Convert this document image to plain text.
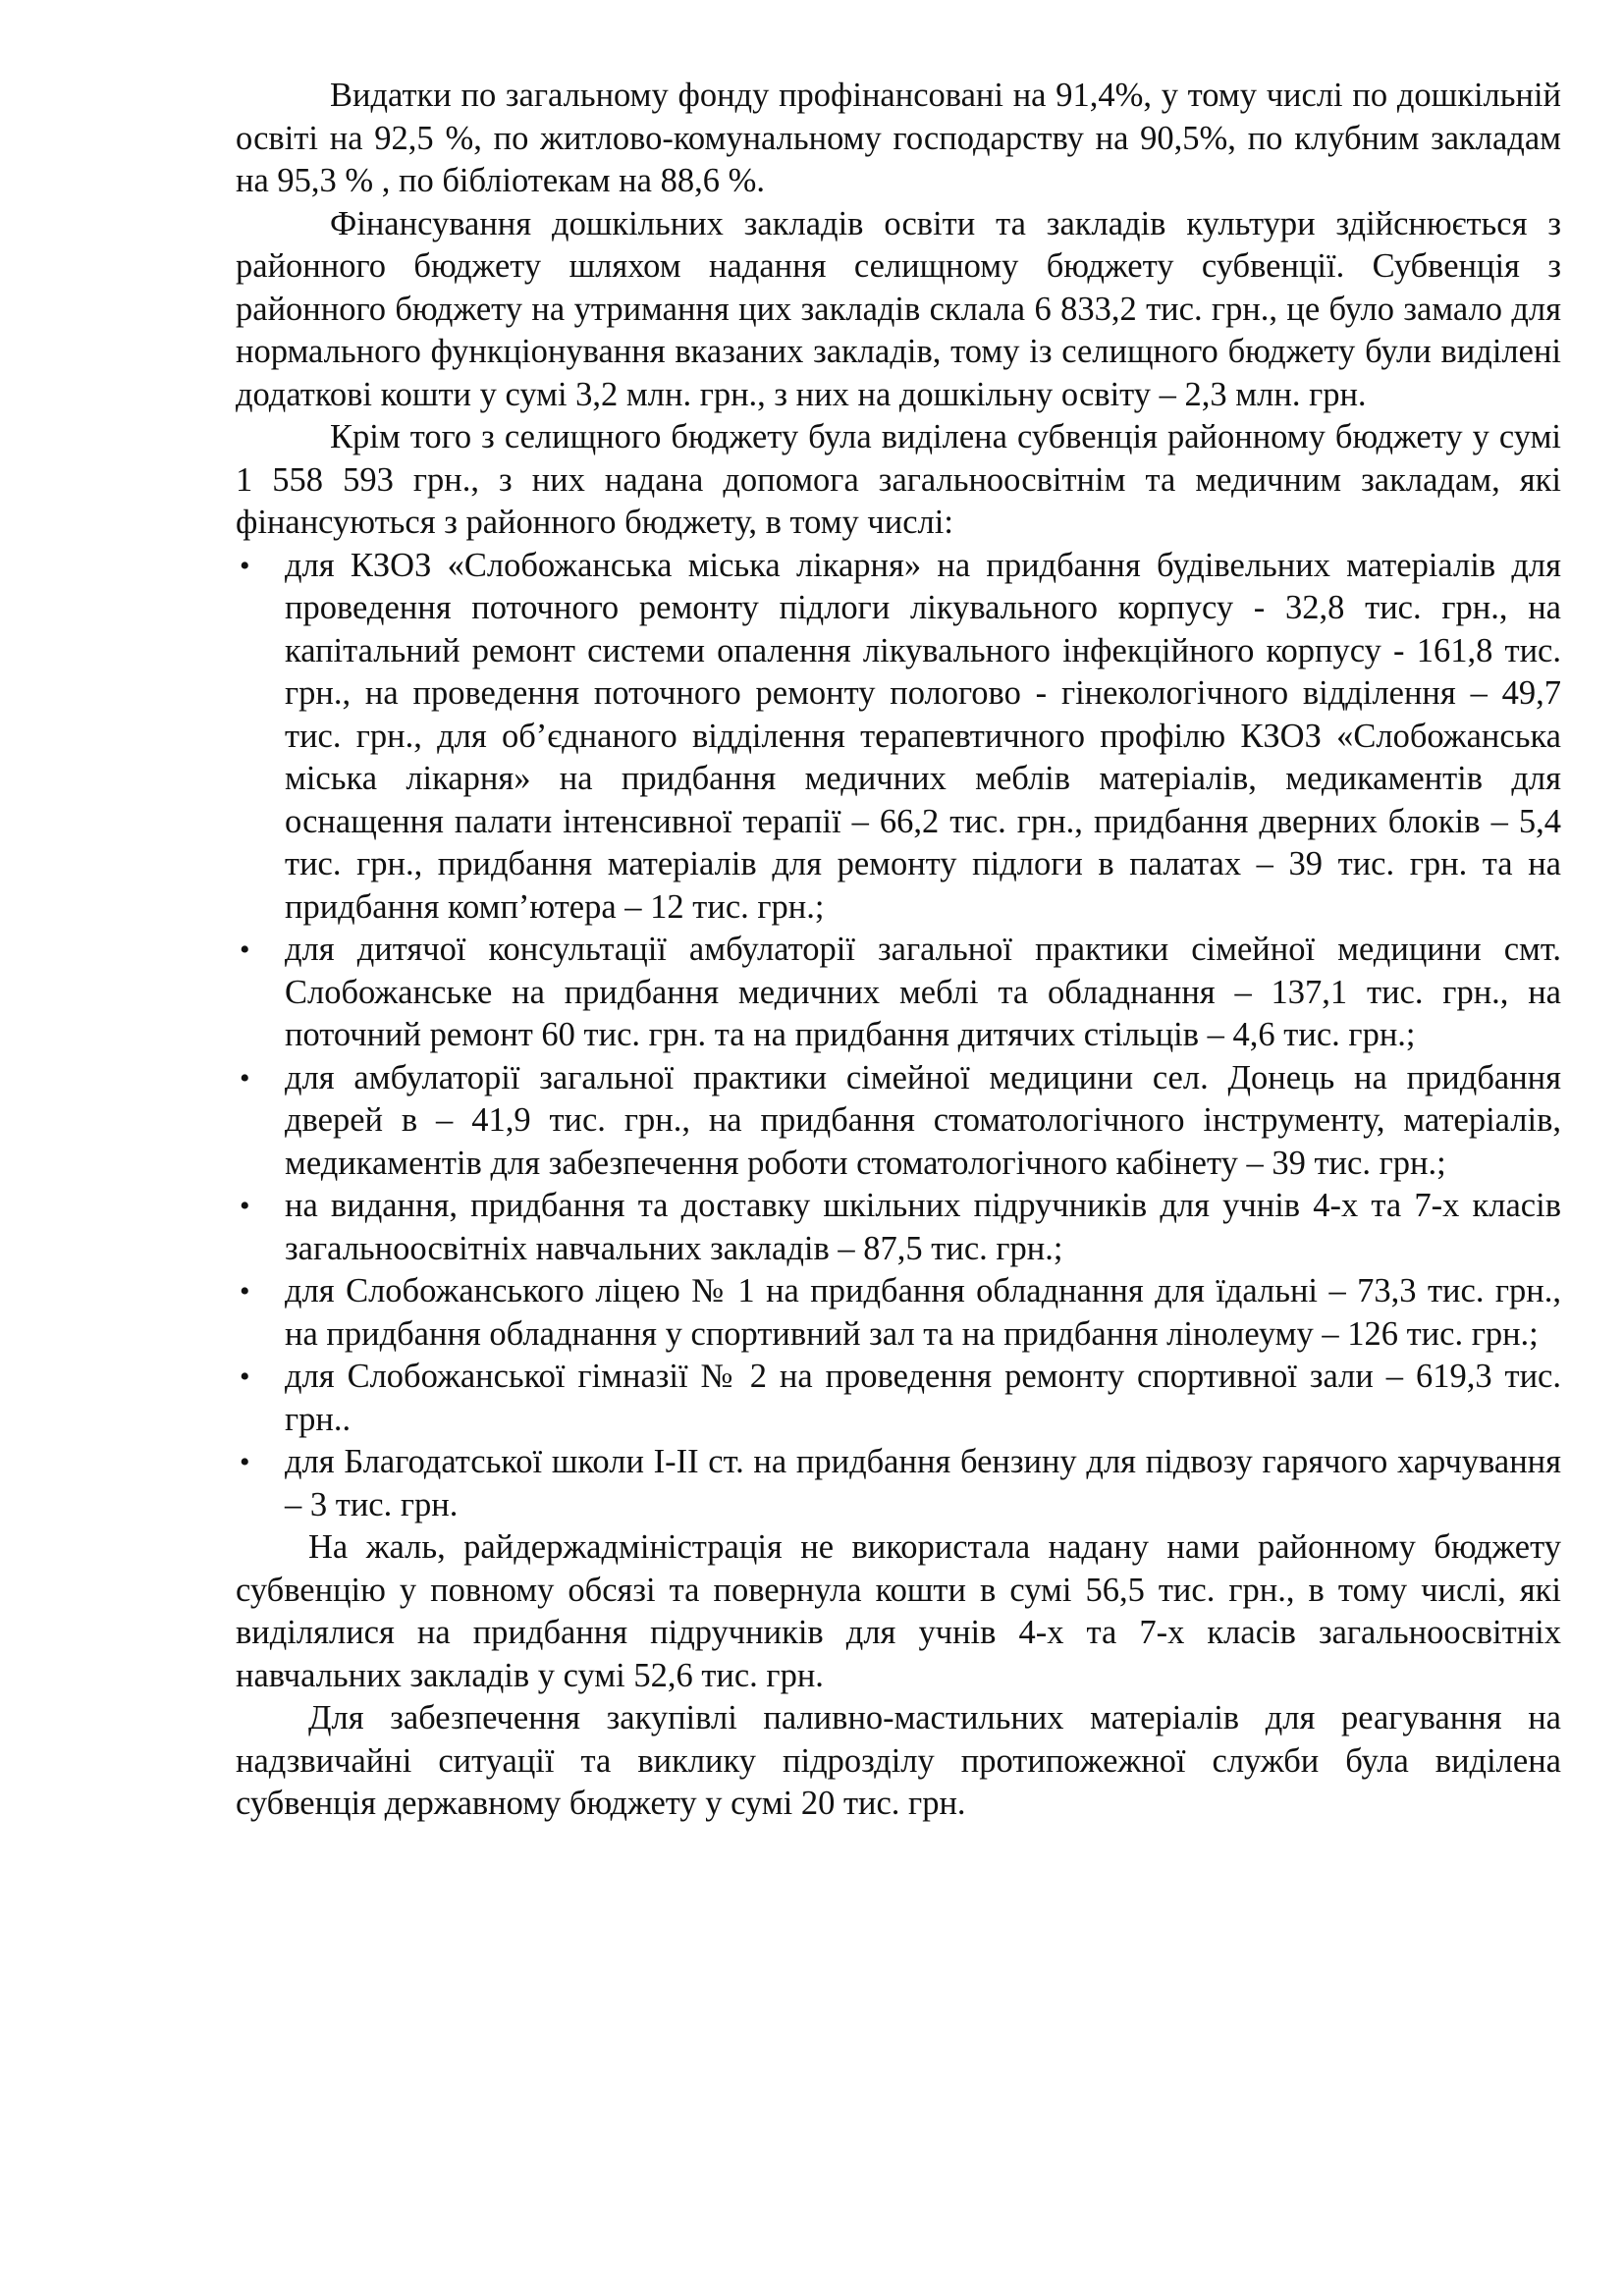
Видатки по загальному фонду профінансовані на 91,4%, у тому числі по дошкільній освіті на 92,5 %, по житлово-комунальному господарству на 90,5%, по клубним закладам на 95,3 % , по бібліотекам на 88,6 %.

Фінансування дошкільних закладів освіти та закладів культури здійснюється з районного бюджету шляхом надання селищному бюджету субвенції. Субвенція з районного бюджету на утримання цих закладів склала 6 833,2 тис. грн., це було замало для нормального функціонування вказаних закладів, тому із селищного бюджету були виділені додаткові кошти у сумі 3,2 млн. грн., з них на дошкільну освіту – 2,3 млн. грн.

Крім того з селищного бюджету була виділена субвенція районному бюджету у сумі 1 558 593 грн., з них надана допомога загальноосвітнім та медичним закладам, які фінансуються з районного бюджету, в тому числі:

• для КЗОЗ «Слобожанська міська лікарня» на придбання будівельних матеріалів для проведення поточного ремонту підлоги лікувального корпусу - 32,8 тис. грн., на капітальний ремонт системи опалення лікувального інфекційного корпусу - 161,8 тис. грн., на проведення поточного ремонту пологово - гінекологічного відділення – 49,7 тис. грн., для об’єднаного відділення терапевтичного профілю КЗОЗ «Слобожанська міська лікарня» на придбання медичних меблів матеріалів, медикаментів для оснащення палати інтенсивної терапії – 66,2 тис. грн., придбання дверних блоків – 5,4 тис. грн., придбання матеріалів для ремонту підлоги в палатах – 39 тис. грн. та на придбання комп’ютера – 12 тис. грн.;
• для дитячої консультації амбулаторії загальної практики сімейної медицини смт. Слобожанське на придбання медичних меблі та обладнання – 137,1 тис. грн., на поточний ремонт 60 тис. грн. та на придбання дитячих стільців – 4,6 тис. грн.;
• для амбулаторії загальної практики сімейної медицини сел. Донець на придбання дверей в – 41,9 тис. грн., на придбання стоматологічного інструменту, матеріалів, медикаментів для забезпечення роботи стоматологічного кабінету – 39 тис. грн.;
• на видання, придбання та доставку шкільних підручників для учнів 4-х та 7-х класів загальноосвітніх навчальних закладів – 87,5 тис. грн.;
• для Слобожанського ліцею № 1 на придбання обладнання для їдальні – 73,3 тис. грн., на придбання обладнання у спортивний зал та на придбання лінолеуму – 126 тис. грн.;
• для Слобожанської гімназії № 2 на проведення ремонту спортивної зали – 619,3 тис. грн..
• для Благодатської школи І-ІІ ст. на придбання бензину для підвозу гарячого харчування – 3 тис. грн.

На жаль, райдержадміністрація не використала надану нами районному бюджету субвенцію у повному обсязі та повернула кошти в сумі 56,5 тис. грн., в тому числі, які виділялися на придбання підручників для учнів 4-х та 7-х класів загальноосвітніх навчальних закладів у сумі 52,6 тис. грн.

Для забезпечення закупівлі паливно-мастильних матеріалів для реагування на надзвичайні ситуації та виклику підрозділу протипожежної служби була виділена субвенція державному бюджету у сумі 20 тис. грн.
